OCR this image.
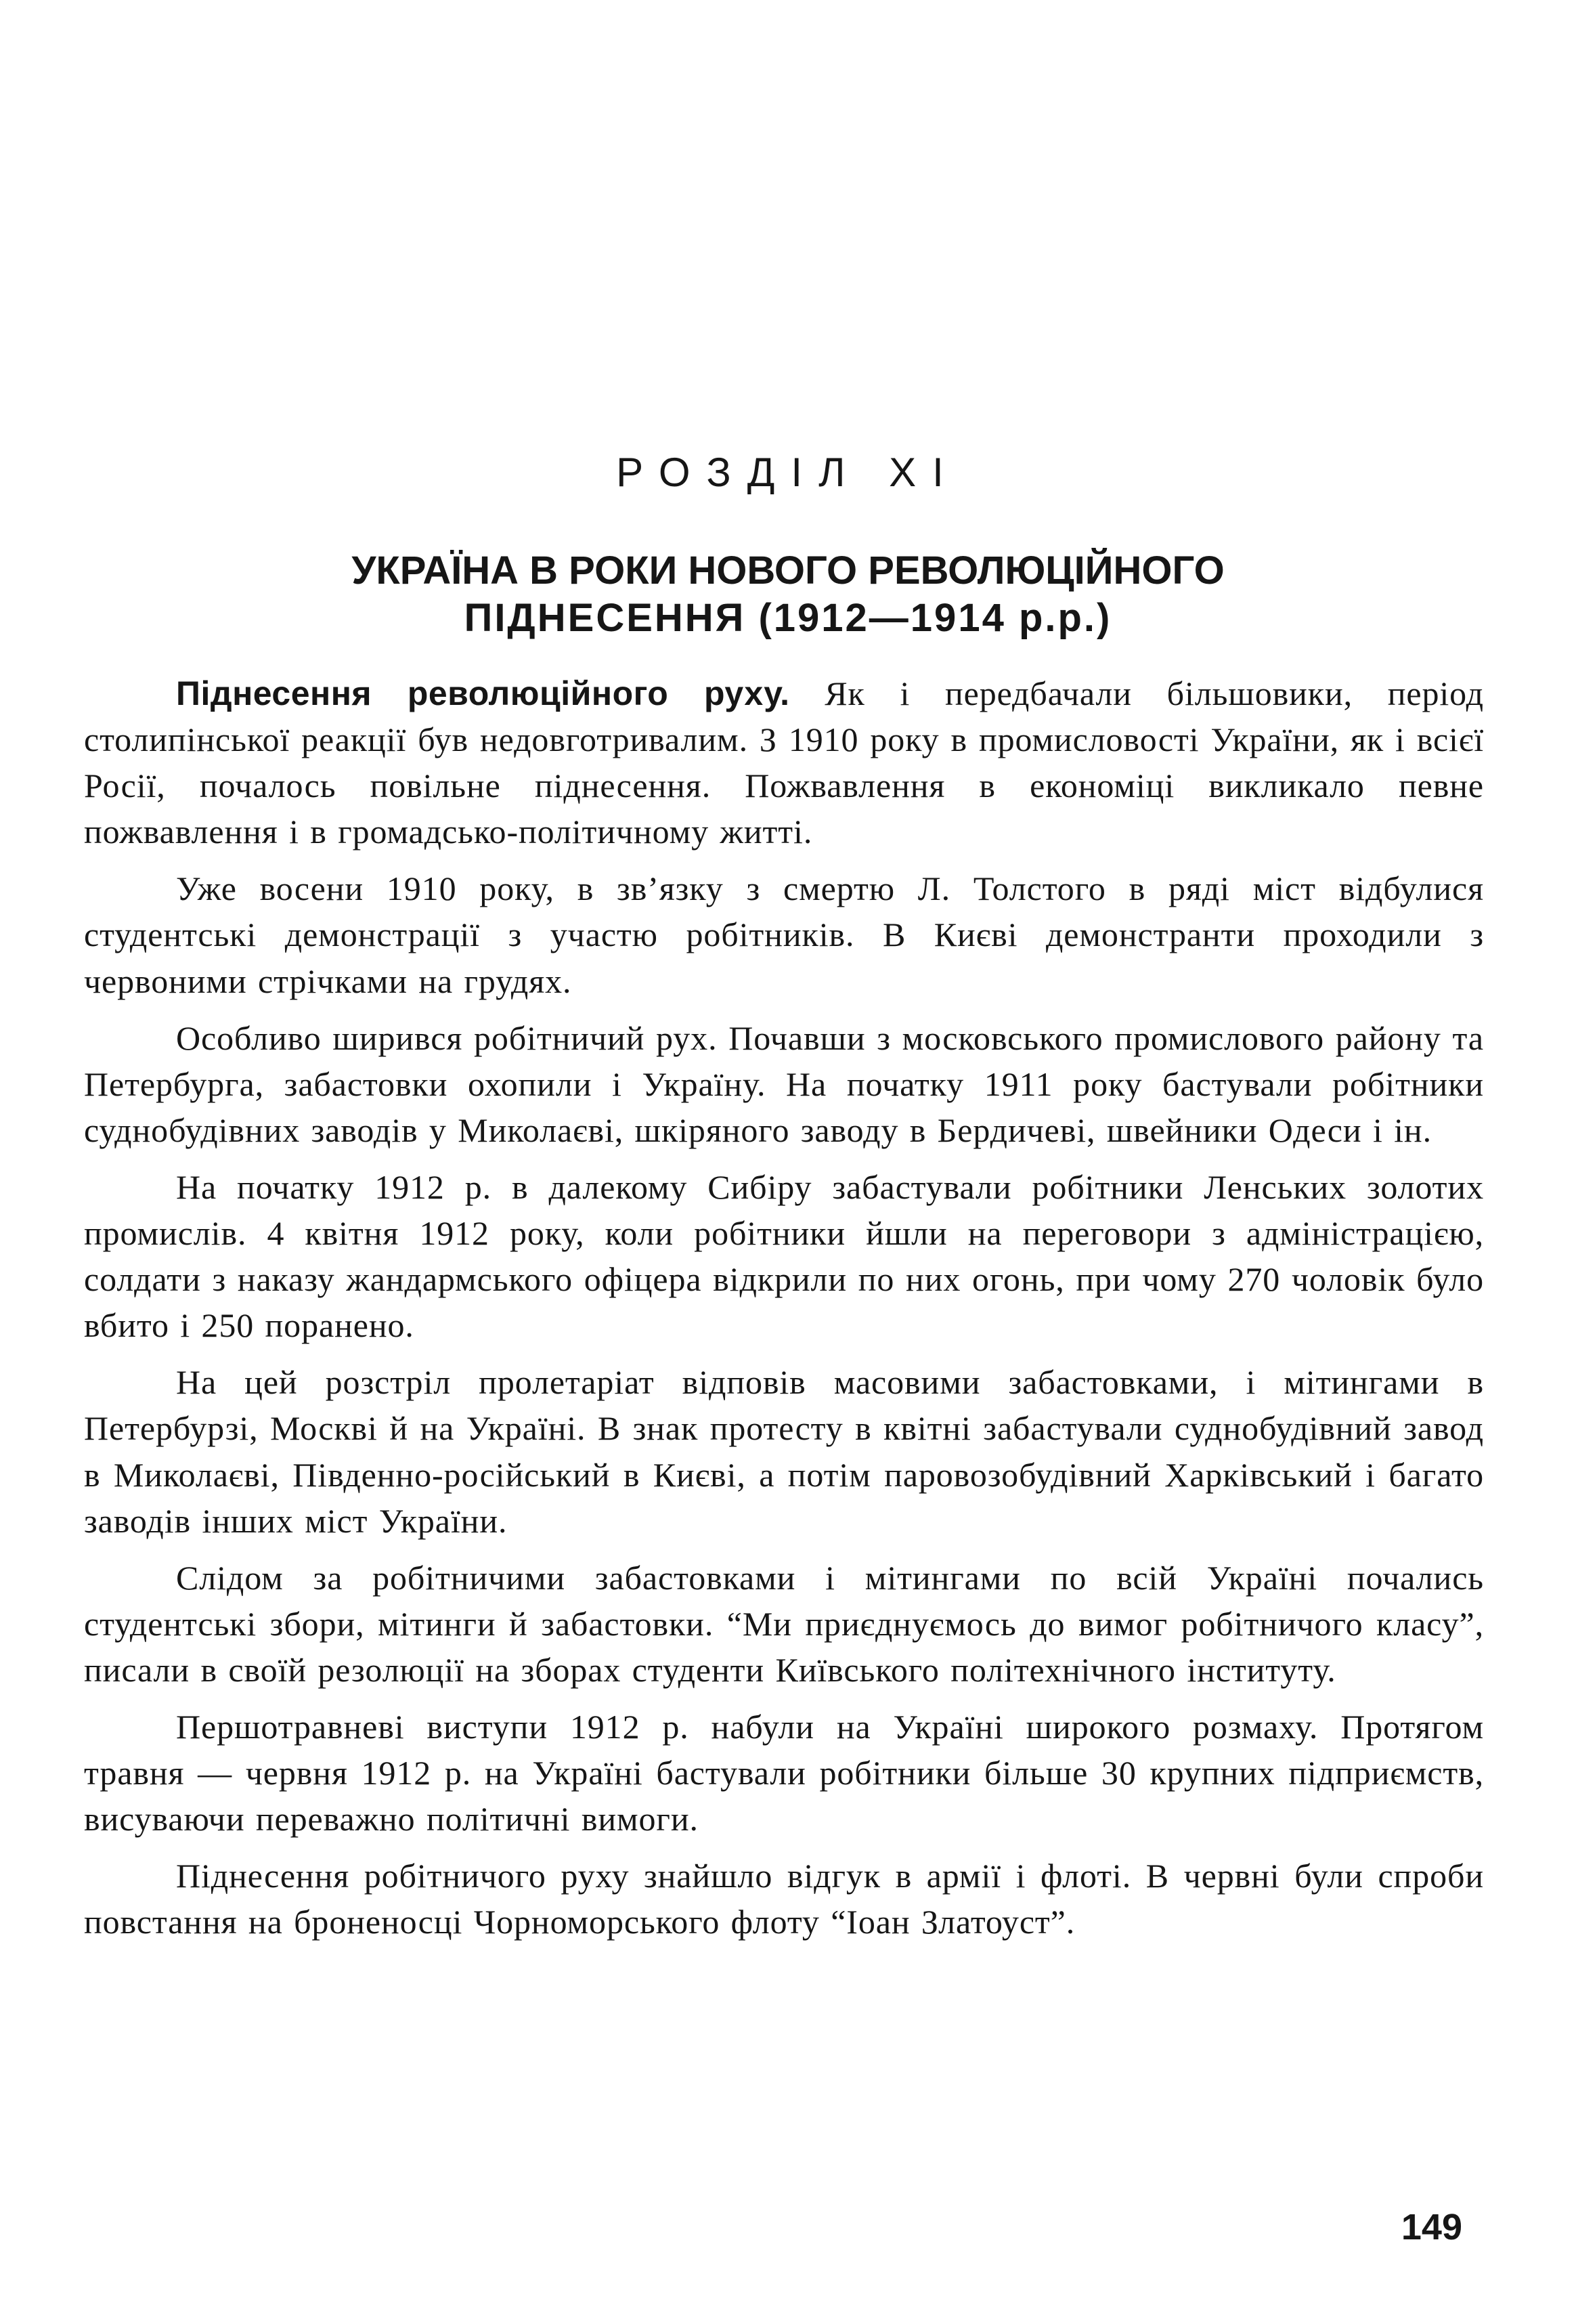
РОЗДІЛ XI
УКРАЇНА В РОКИ НОВОГО РЕВОЛЮЦІЙНОГО
ПІДНЕСЕННЯ (1912—1914 р.р.)

Піднесення революційного руху. Як і передбачали більшовики, період столипінської реакції був недовготривалим. З 1910 року в промисловості України, як і всієї Росії, почалось повільне піднесення. Пожвавлення в економіці викликало певне пожвавлення і в громадсько-політичному житті.

Уже восени 1910 року, в зв’язку з смертю Л. Толстого в ряді міст відбулися студентські демонстрації з участю робітників. В Києві демонстранти проходили з червоними стрічками на грудях.

Особливо ширився робітничий рух. Почавши з московського промислового району та Петербурга, забастовки охопили і Україну. На початку 1911 року бастували робітники суднобудівних заводів у Миколаєві, шкіряного заводу в Бердичеві, швейники Одеси і ін.

На початку 1912 р. в далекому Сибіру забастували робітники Ленських золотих промислів. 4 квітня 1912 року, коли робітники йшли на переговори з адміністрацією, солдати з наказу жандармського офіцера відкрили по них огонь, при чому 270 чоловік було вбито і 250 поранено.

На цей розстріл пролетаріат відповів масовими забастовками, і мітингами в Петербурзі, Москві й на Україні. В знак протесту в квітні забастували суднобудівний завод в Миколаєві, Південно-російський в Києві, а потім паровозобудівний Харківський і багато заводів інших міст України.

Слідом за робітничими забастовками і мітингами по всій Україні почались студентські збори, мітинги й забастовки. “Ми приєднуємось до вимог робітничого класу”, писали в своїй резолюції на зборах студенти Київського політехнічного інституту.

Першотравневі виступи 1912 р. набули на Україні широкого розмаху. Протягом травня — червня 1912 р. на Україні бастували робітники більше 30 крупних підприємств, висуваючи переважно політичні вимоги.

Піднесення робітничого руху знайшло відгук в армії і флоті. В червні були спроби повстання на броненосці Чорноморського флоту “Іоан Златоуст”.

149
